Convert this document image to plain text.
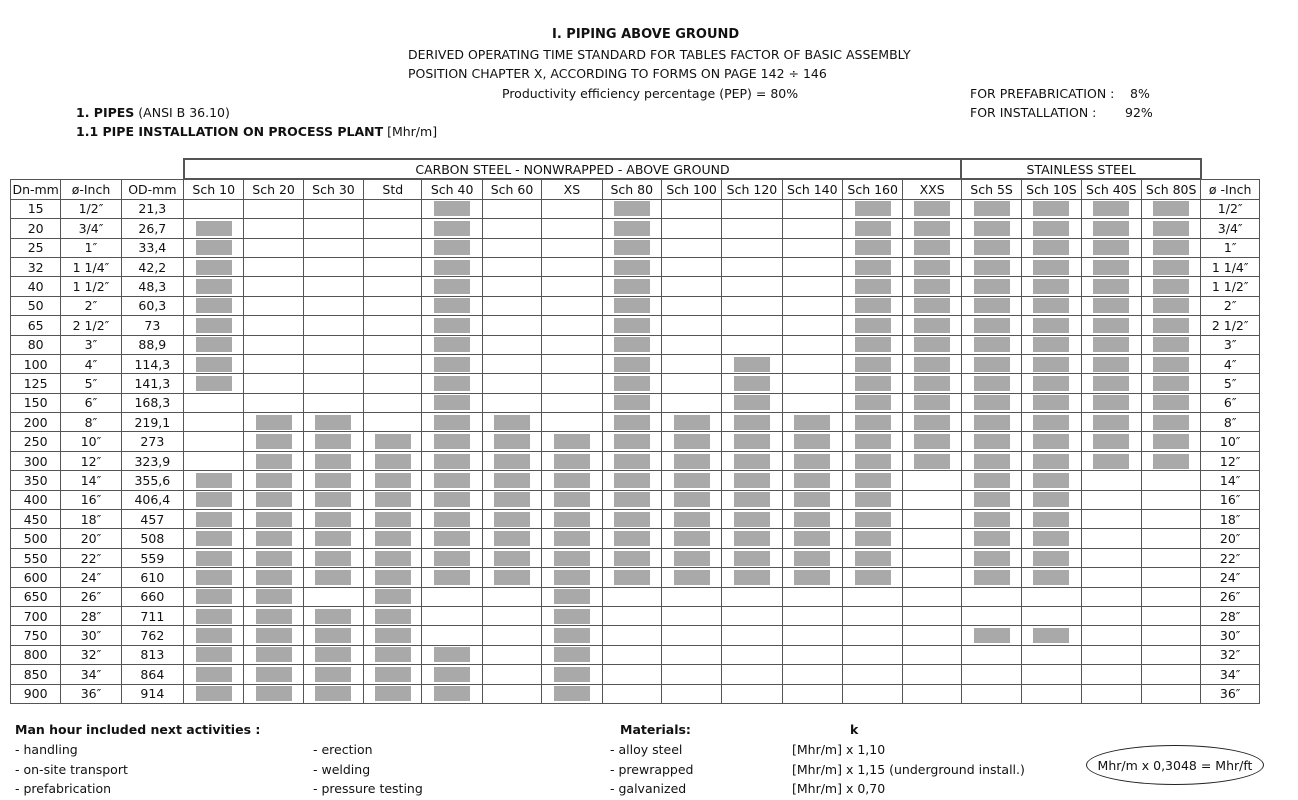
I. PIPING ABOVE GROUND
DERIVED OPERATING TIME STANDARD FOR TABLES FACTOR OF BASIC ASSEMBLY
POSITION CHAPTER X, ACCORDING TO FORMS ON PAGE 142 ÷ 146
Productivity efficiency percentage (PEP) = 80%	FOR PREFABRICATION : 8%
FOR INSTALLATION : 92%
1. PIPES (ANSI B 36.10)
1.1 PIPE INSTALLATION ON PROCESS PLANT [Mhr/m]
			CARBON STEEL - NONWRAPPED - ABOVE GROUND													STAINLESS STEEL				
Dn-mm	ø-Inch	OD-mm	Sch 10	Sch 20	Sch 30	Std	Sch 40	Sch 60	XS	Sch 80	Sch 100	Sch 120	Sch 140	Sch 160	XXS	Sch 5S	Sch 10S	Sch 40S	Sch 80S	ø -Inch
15	1/2″	21,3																		1/2″
20	3/4″	26,7																		3/4″
25	1″	33,4																		1″
32	1 1/4″	42,2																		1 1/4″
40	1 1/2″	48,3																		1 1/2″
50	2″	60,3																		2″
65	2 1/2″	73																		2 1/2″
80	3″	88,9																		3″
100	4″	114,3																		4″
125	5″	141,3																		5″
150	6″	168,3																		6″
200	8″	219,1																		8″
250	10″	273																		10″
300	12″	323,9																		12″
350	14″	355,6																		14″
400	16″	406,4																		16″
450	18″	457																		18″
500	20″	508																		20″
550	22″	559																		22″
600	24″	610																		24″
650	26″	660																		26″
700	28″	711																		28″
750	30″	762																		30″
800	32″	813																		32″
850	34″	864																		34″
900	36″	914																		36″
Man hour included next activities :
- handling
- on-site transport
- prefabrication
- erection
- welding
- pressure testing
Materials:	k
- alloy steel
- prewrapped
- galvanized
[Mhr/m] x 1,10
[Mhr/m] x 1,15 (underground install.)
[Mhr/m] x 0,70
Mhr/m x 0,3048 = Mhr/ft
